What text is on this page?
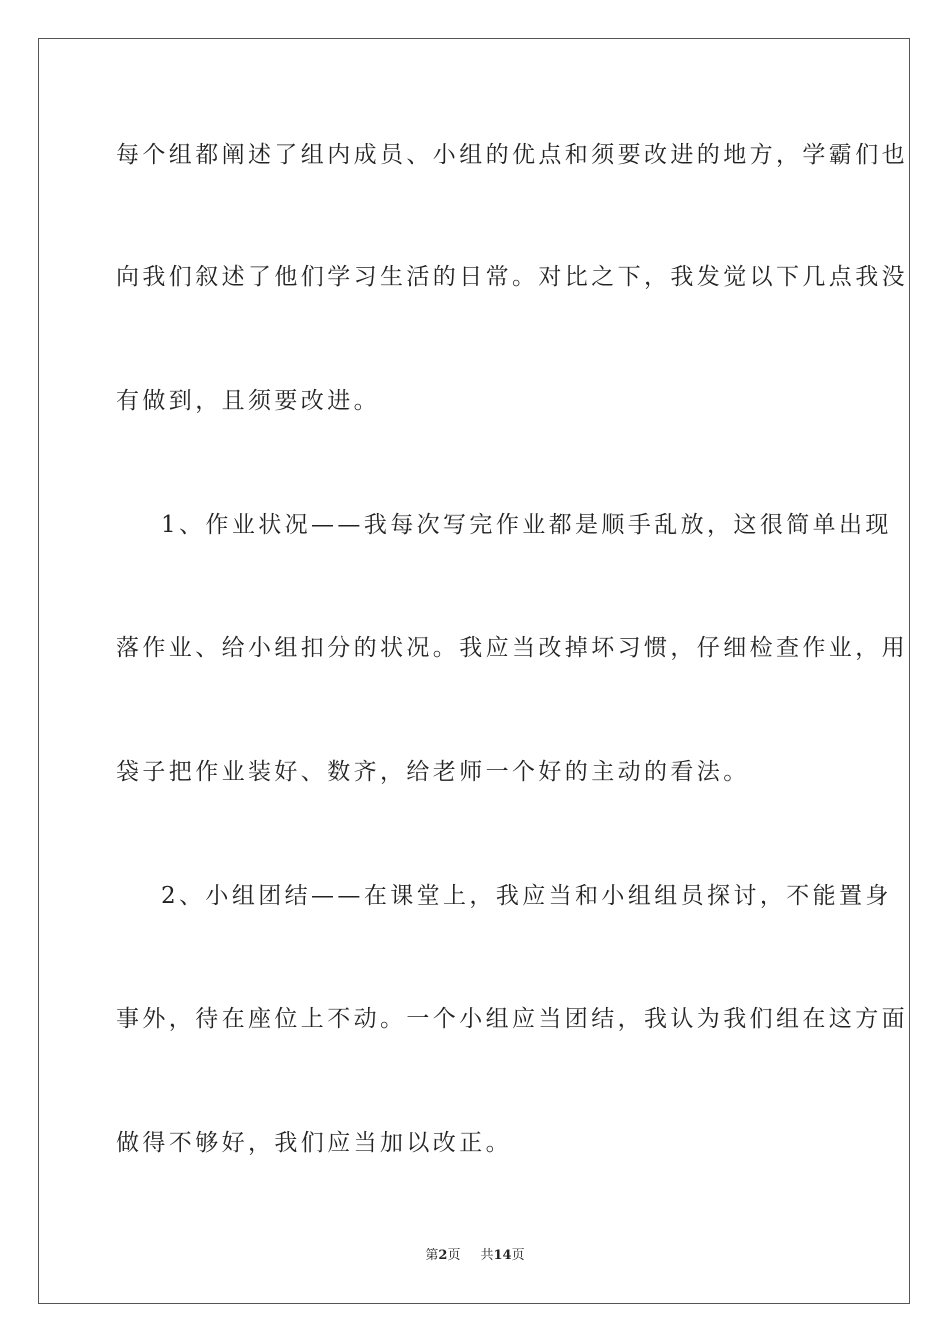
每个组都阐述了组内成员、小组的优点和须要改进的地方，学霸们也
向我们叙述了他们学习生活的日常。对比之下，我发觉以下几点我没
有做到，且须要改进。
1、作业状况——我每次写完作业都是顺手乱放，这很简单出现
落作业、给小组扣分的状况。我应当改掉坏习惯，仔细检查作业，用
袋子把作业装好、数齐，给老师一个好的主动的看法。
2、小组团结——在课堂上，我应当和小组组员探讨，不能置身
事外，待在座位上不动。一个小组应当团结，我认为我们组在这方面
做得不够好，我们应当加以改正。
第2页 共14页
